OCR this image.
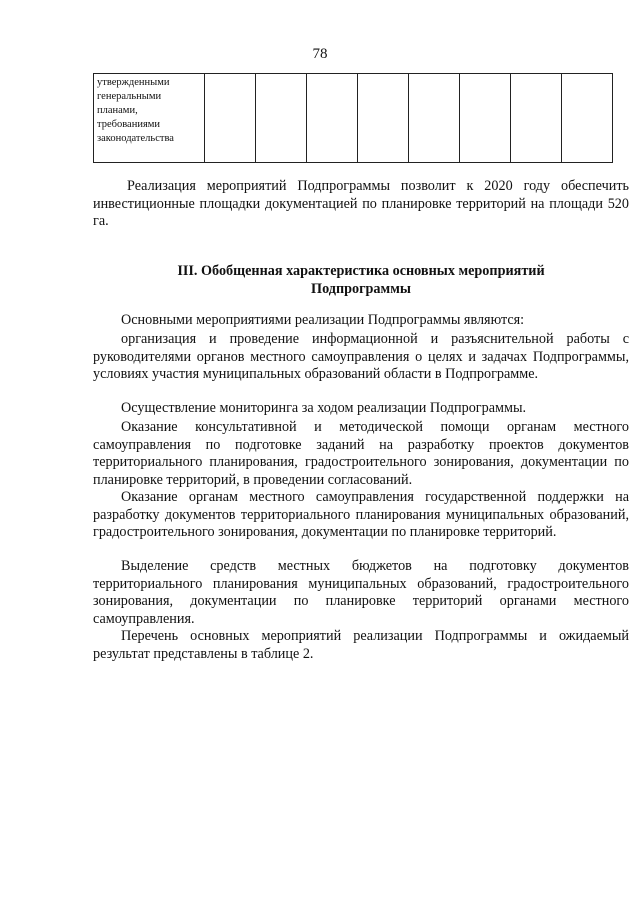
78
утвержденными
генеральными
планами,
требованиями
законодательства

Реализация мероприятий Подпрограммы позволит к 2020 году обеспечить инвестиционные площадки документацией по планировке территорий на площади 520 га.

III. Обобщенная характеристика основных мероприятий
Подпрограммы

Основными мероприятиями реализации Подпрограммы являются:

организация и проведение информационной и разъяснительной работы с руководителями органов местного самоуправления о целях и задачах Подпрограммы, условиях участия муниципальных образований области в Подпрограмме.

Осуществление мониторинга за ходом реализации Подпрограммы.

Оказание консультативной и методической помощи органам местного самоуправления по подготовке заданий на разработку проектов документов территориального планирования, градостроительного зонирования, документации по планировке территорий, в проведении согласований.

Оказание органам местного самоуправления государственной поддержки на разработку документов территориального планирования муниципальных образований, градостроительного зонирования, документации по планировке территорий.

Выделение средств местных бюджетов на подготовку документов территориального планирования муниципальных образований, градостроительного зонирования, документации по планировке территорий органами местного самоуправления.

Перечень основных мероприятий реализации Подпрограммы и ожидаемый результат представлены в таблице 2.
